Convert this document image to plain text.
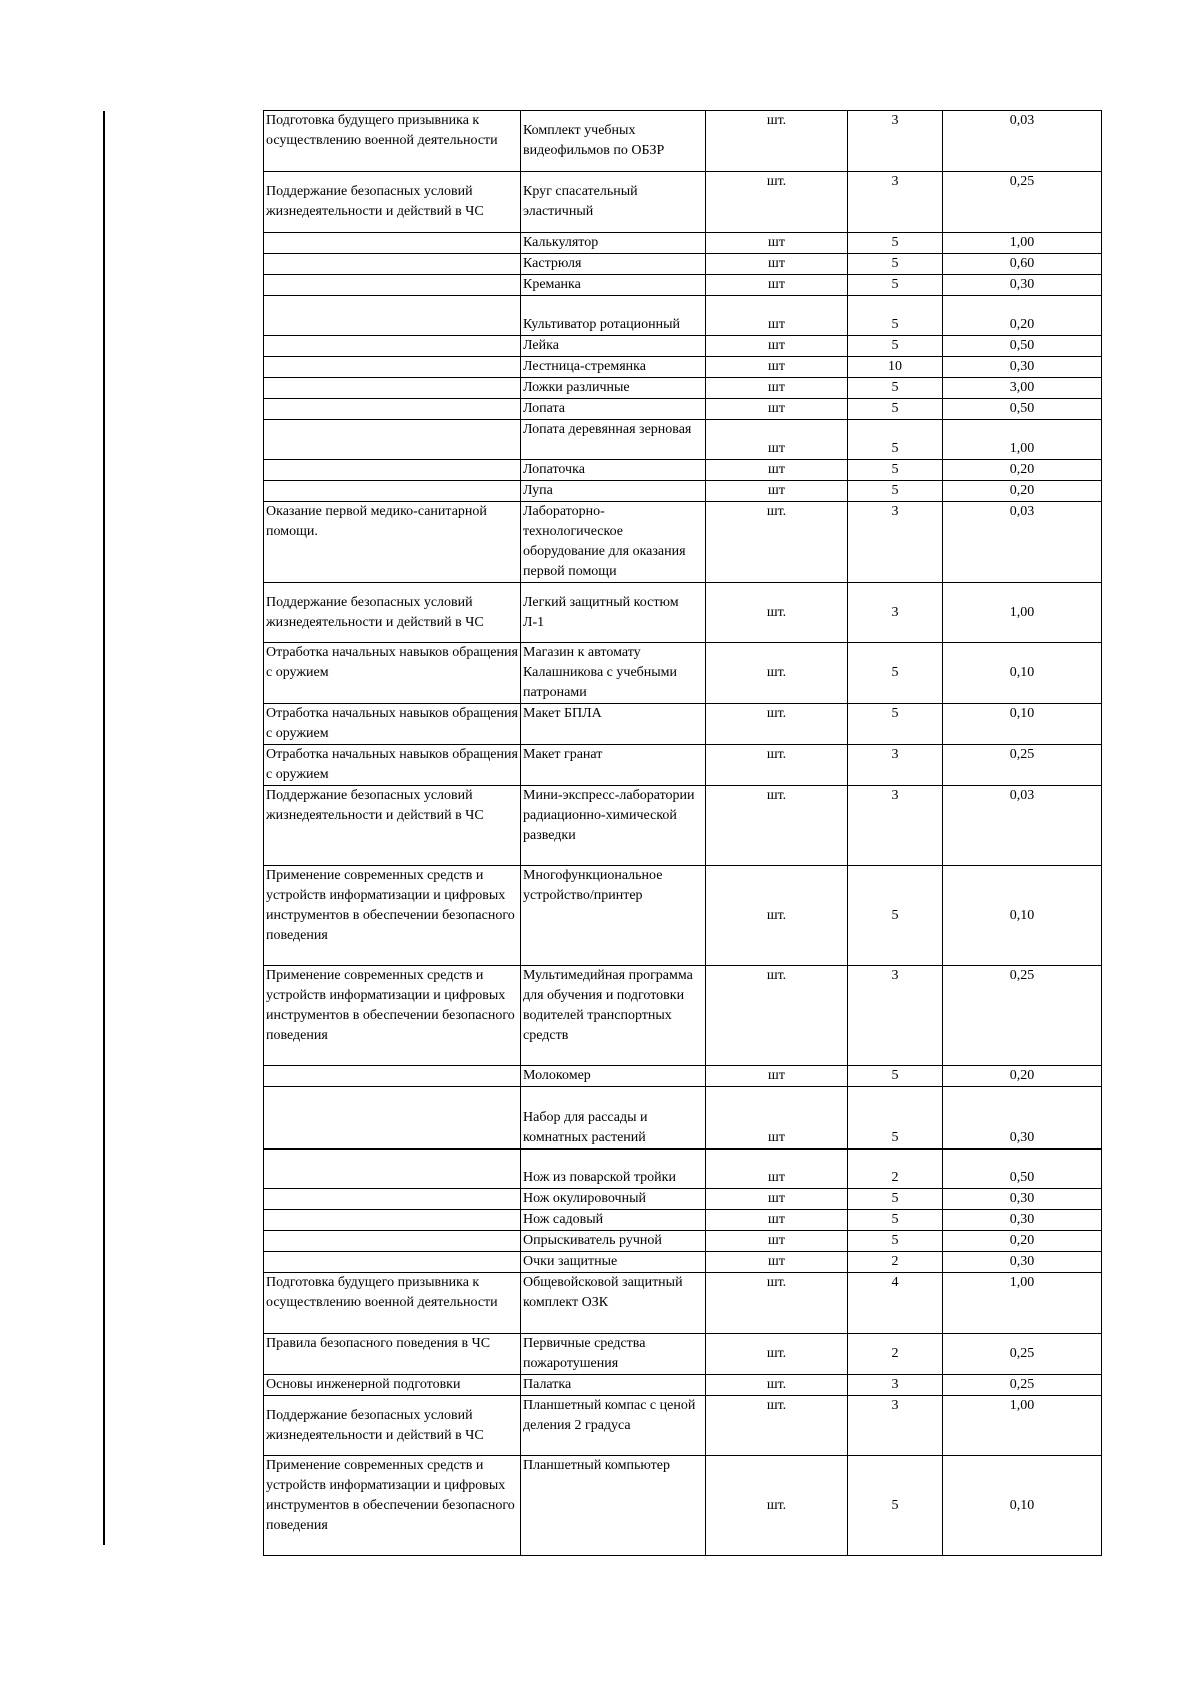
Подготовка будущего призывника к осуществлению военной деятельности	Комплект учебных видеофильмов по ОБЗР	шт.	3	0,03
Поддержание безопасных условий жизнедеятельности и действий в ЧС	Круг спасательный эластичный	шт.	3	0,25
	Калькулятор	шт	5	1,00
	Кастрюля	шт	5	0,60
	Креманка	шт	5	0,30
	Культиватор ротационный	шт	5	0,20
	Лейка	шт	5	0,50
	Лестница-стремянка	шт	10	0,30
	Ложки различные	шт	5	3,00
	Лопата	шт	5	0,50
	Лопата деревянная зерновая	шт	5	1,00
	Лопаточка	шт	5	0,20
	Лупа	шт	5	0,20
Оказание первой медико-санитарной помощи.	Лабораторно-технологическое оборудование для оказания первой помощи	шт.	3	0,03
Поддержание безопасных условий жизнедеятельности и действий в ЧС	Легкий защитный костюм Л-1	шт.	3	1,00
Отработка начальных навыков обращения с оружием	Магазин к автомату Калашникова с учебными патронами	шт.	5	0,10
Отработка начальных навыков обращения с оружием	Макет БПЛА	шт.	5	0,10
Отработка начальных навыков обращения с оружием	Макет гранат	шт.	3	0,25
Поддержание безопасных условий жизнедеятельности и действий в ЧС	Мини-экспресс-лаборатории радиационно-химической разведки	шт.	3	0,03
Применение современных средств и устройств информатизации и цифровых инструментов в обеспечении безопасного поведения	Многофункциональное устройство/принтер	шт.	5	0,10
Применение современных средств и устройств информатизации и цифровых инструментов в обеспечении безопасного поведения	Мультимедийная программа для обучения и подготовки водителей транспортных средств	шт.	3	0,25
	Молокомер	шт	5	0,20
	Набор для рассады и комнатных растений	шт	5	0,30
	Нож из поварской тройки	шт	2	0,50
	Нож окулировочный	шт	5	0,30
	Нож садовый	шт	5	0,30
	Опрыскиватель ручной	шт	5	0,20
	Очки защитные	шт	2	0,30
Подготовка будущего призывника к осуществлению военной деятельности	Общевойсковой защитный комплект ОЗК	шт.	4	1,00
Правила безопасного поведения в ЧС	Первичные средства пожаротушения	шт.	2	0,25
Основы инженерной подготовки	Палатка	шт.	3	0,25
Поддержание безопасных условий жизнедеятельности и действий в ЧС	Планшетный компас с ценой деления 2 градуса	шт.	3	1,00
Применение современных средств и устройств информатизации и цифровых инструментов в обеспечении безопасного поведения	Планшетный компьютер	шт.	5	0,10
